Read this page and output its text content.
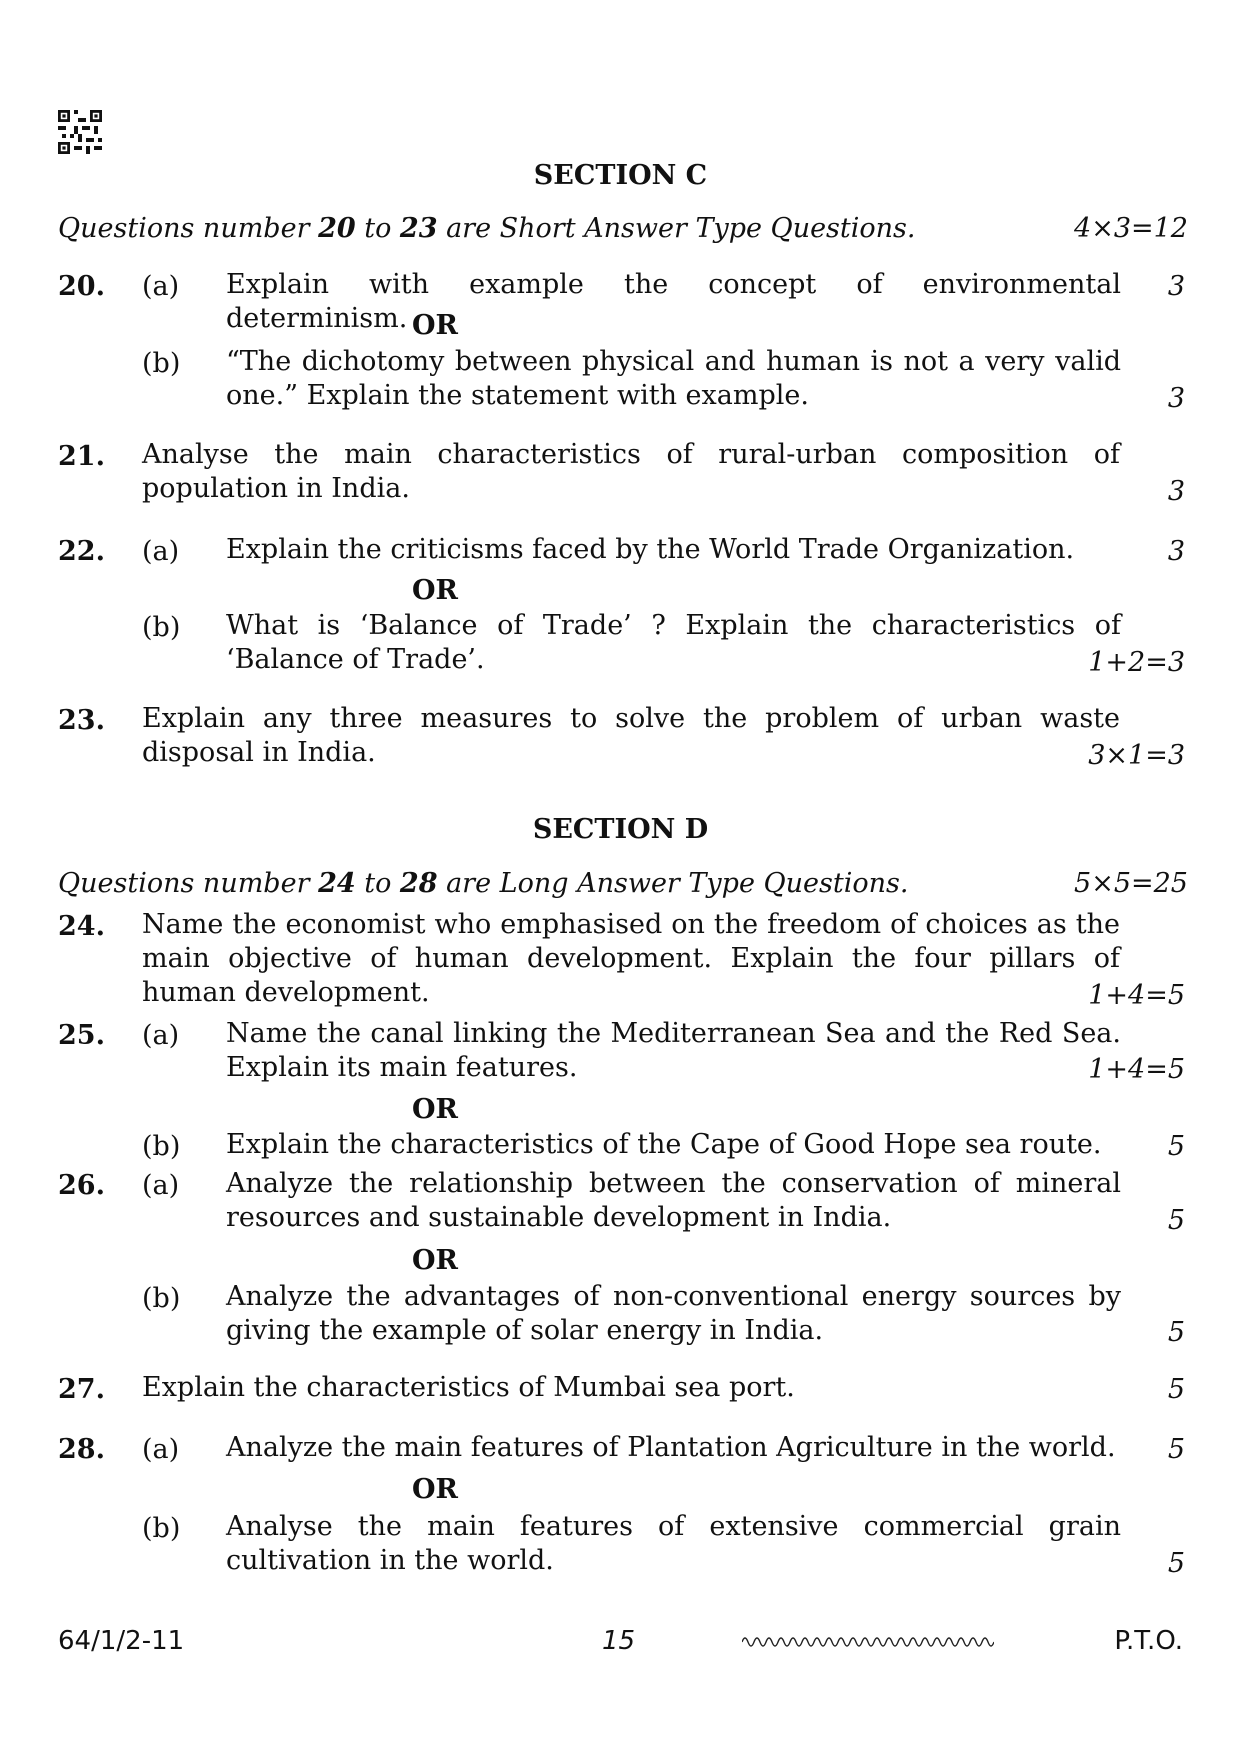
SECTION C
Questions number 20 to 23 are Short Answer Type Questions.	4×3=12
20. (a) Explain with example the concept of environmental determinism.
3
OR
(b) “The dichotomy between physical and human is not a very valid one.” Explain the statement with example.	3
21. Analyse the main characteristics of rural-urban composition of population in India.	3
22. (a) Explain the criticisms faced by the World Trade Organization.	3
OR
(b) What is ‘Balance of Trade’ ? Explain the characteristics of ‘Balance of Trade’.	1+2=3
23. Explain any three measures to solve the problem of urban waste disposal in India.	3×1=3
SECTION D
Questions number 24 to 28 are Long Answer Type Questions.	5×5=25
24. Name the economist who emphasised on the freedom of choices as the main objective of human development. Explain the four pillars of human development.	1+4=5
25. (a) Name the canal linking the Mediterranean Sea and the Red Sea. Explain its main features.	1+4=5
OR
(b) Explain the characteristics of the Cape of Good Hope sea route.	5
26. (a) Analyze the relationship between the conservation of mineral resources and sustainable development in India.	5
OR
(b) Analyze the advantages of non-conventional energy sources by giving the example of solar energy in India.	5
27. Explain the characteristics of Mumbai sea port.	5
28. (a) Analyze the main features of Plantation Agriculture in the world. 5
OR
(b) Analyse the main features of extensive commercial grain cultivation in the world.	5
64/1/2-11	15	P.T.O.
